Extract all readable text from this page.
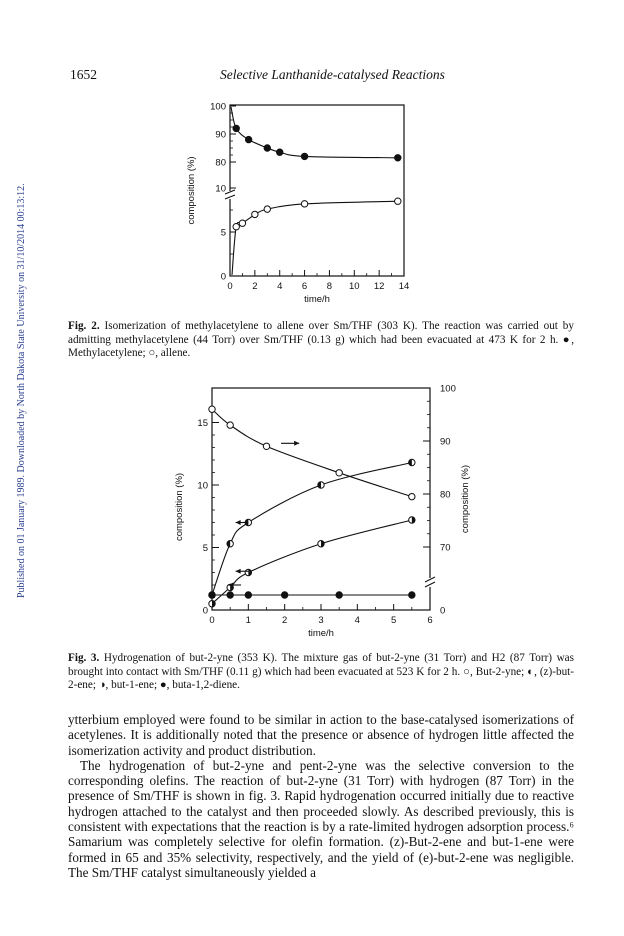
Published on 01 January 1989. Downloaded by North Dakota State University on 31/10/2014 00:13:12.
1652	Selective Lanthanide-catalysed Reactions
0 2 4 6 8 10 12 14
0
5
10
80
90
100
time/h
composition (%)
Fig. 2. Isomerization of methylacetylene to allene over Sm/THF (303 K). The reaction was carried out by admitting methylacetylene (44 Torr) over Sm/THF (0.13 g) which had been evacuated at 473 K for 2 h. ●, Methylacetylene; ○, allene.
0	1	2	3	4	5	6
0
5
10
15
0
70
80
90
100
time/h
composition (%)	composition (%)
Fig. 3. Hydrogenation of but-2-yne (353 K). The mixture gas of but-2-yne (31 Torr) and H2 (87 Torr) was brought into contact with Sm/THF (0.11 g) which had been evacuated at 523 K for 2 h. ○, But-2-yne; ◐, (z)-but-2-ene; ◑, but-1-ene; ●, buta-1,2-diene.

ytterbium employed were found to be similar in action to the base-catalysed isomerizations of acetylenes. It is additionally noted that the presence or absence of hydrogen little affected the isomerization activity and product distribution.

The hydrogenation of but-2-yne and pent-2-yne was the selective conversion to the corresponding olefins. The reaction of but-2-yne (31 Torr) with hydrogen (87 Torr) in the presence of Sm/THF is shown in fig. 3. Rapid hydrogenation occurred initially due to reactive hydrogen attached to the catalyst and then proceeded slowly. As described previously, this is consistent with expectations that the reaction is by a rate-limited hydrogen adsorption process.⁶ Samarium was completely selective for olefin formation. (z)-But-2-ene and but-1-ene were formed in 65 and 35% selectivity, respectively, and the yield of (e)-but-2-ene was negligible. The Sm/THF catalyst simultaneously yielded a
